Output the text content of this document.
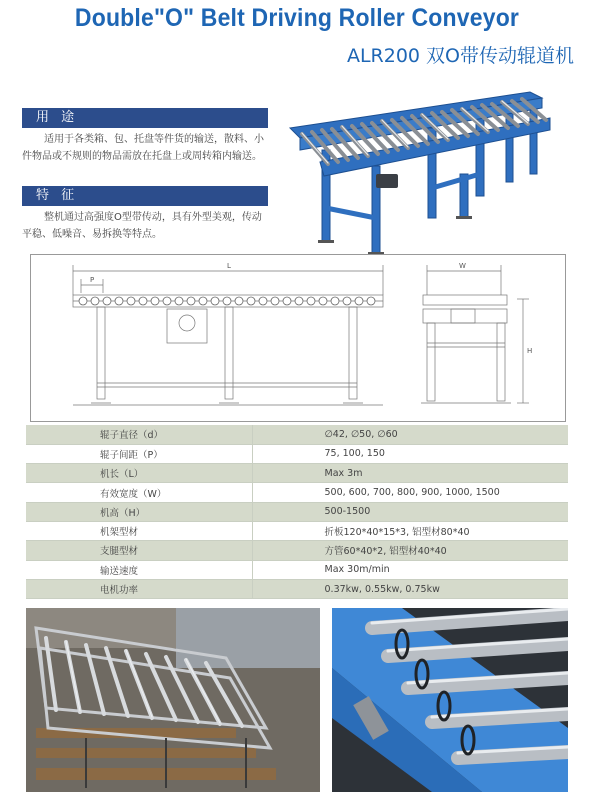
Double"O" Belt Driving Roller Conveyor
ALR200 双O带传动辊道机
用 途
适用于各类箱、包、托盘等件货的输送，散料、小件物品或不规则的物品需放在托盘上或周转箱内输送。
特 征
整机通过高强度O型带传动，具有外型美观，传动平稳、低噪音、易拆换等特点。
L
P
W
H
辊子直径（d）	∅42, ∅50, ∅60
辊子间距（P）	75, 100, 150
机长（L）	Max 3m
有效宽度（W）	500, 600, 700, 800, 900, 1000, 1500
机高（H）	500-1500
机架型材	折板120*40*15*3, 铝型材80*40
支腿型材	方管60*40*2, 铝型材40*40
输送速度	Max 30m/min
电机功率	0.37kw, 0.55kw, 0.75kw
